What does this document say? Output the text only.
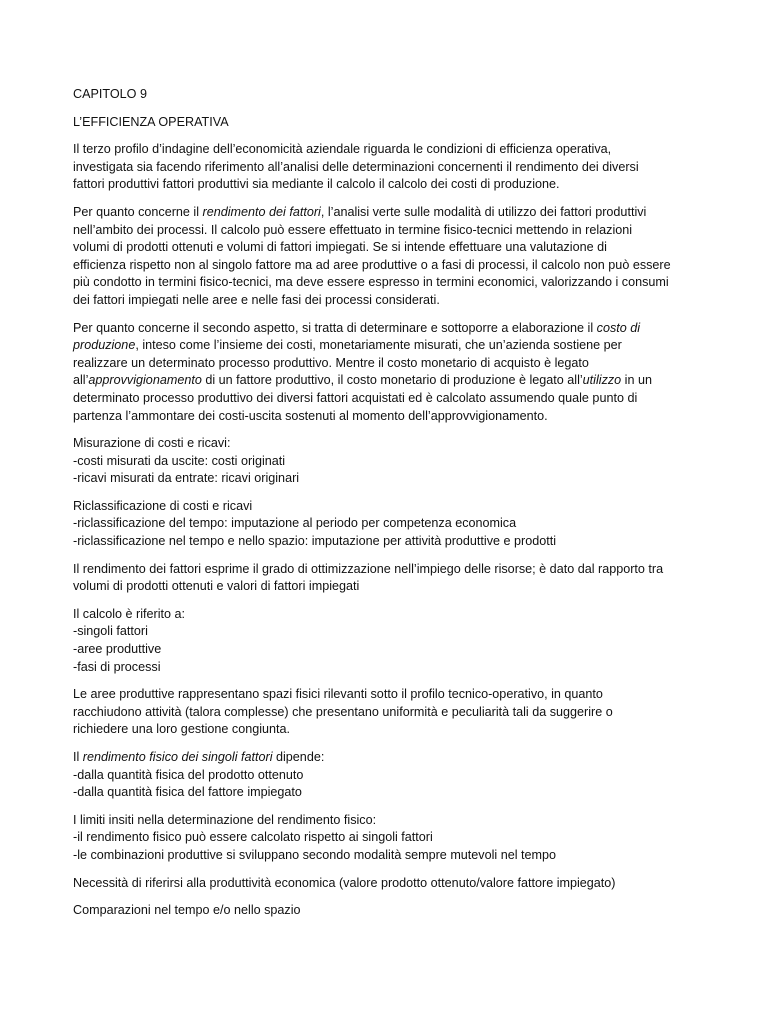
CAPITOLO 9

L’EFFICIENZA OPERATIVA

Il terzo profilo d’indagine dell’economicità aziendale riguarda le condizioni di efficienza operativa,
investigata sia facendo riferimento all’analisi delle determinazioni concernenti il rendimento dei diversi
fattori produttivi fattori produttivi sia mediante il calcolo il calcolo dei costi di produzione.

Per quanto concerne il rendimento dei fattori, l’analisi verte sulle modalità di utilizzo dei fattori produttivi
nell’ambito dei processi. Il calcolo può essere effettuato in termine fisico-tecnici mettendo in relazioni
volumi di prodotti ottenuti e volumi di fattori impiegati. Se si intende effettuare una valutazione di
efficienza rispetto non al singolo fattore ma ad aree produttive o a fasi di processi, il calcolo non può essere
più condotto in termini fisico-tecnici, ma deve essere espresso in termini economici, valorizzando i consumi
dei fattori impiegati nelle aree e nelle fasi dei processi considerati.

Per quanto concerne il secondo aspetto, si tratta di determinare e sottoporre a elaborazione il costo di
produzione, inteso come l’insieme dei costi, monetariamente misurati, che un’azienda sostiene per
realizzare un determinato processo produttivo. Mentre il costo monetario di acquisto è legato
all’approvvigionamento di un fattore produttivo, il costo monetario di produzione è legato all’utilizzo in un
determinato processo produttivo dei diversi fattori acquistati ed è calcolato assumendo quale punto di
partenza l’ammontare dei costi-uscita sostenuti al momento dell’approvvigionamento.

Misurazione di costi e ricavi:
-costi misurati da uscite: costi originati
-ricavi misurati da entrate: ricavi originari

Riclassificazione di costi e ricavi
-riclassificazione del tempo: imputazione al periodo per competenza economica
-riclassificazione nel tempo e nello spazio: imputazione per attività produttive e prodotti

Il rendimento dei fattori esprime il grado di ottimizzazione nell’impiego delle risorse; è dato dal rapporto tra
volumi di prodotti ottenuti e valori di fattori impiegati

Il calcolo è riferito a:
-singoli fattori
-aree produttive
-fasi di processi

Le aree produttive rappresentano spazi fisici rilevanti sotto il profilo tecnico-operativo, in quanto
racchiudono attività (talora complesse) che presentano uniformità e peculiarità tali da suggerire o
richiedere una loro gestione congiunta.

Il rendimento fisico dei singoli fattori dipende:
-dalla quantità fisica del prodotto ottenuto
-dalla quantità fisica del fattore impiegato

I limiti insiti nella determinazione del rendimento fisico:
-il rendimento fisico può essere calcolato rispetto ai singoli fattori
-le combinazioni produttive si sviluppano secondo modalità sempre mutevoli nel tempo

Necessità di riferirsi alla produttività economica (valore prodotto ottenuto/valore fattore impiegato)

Comparazioni nel tempo e/o nello spazio
